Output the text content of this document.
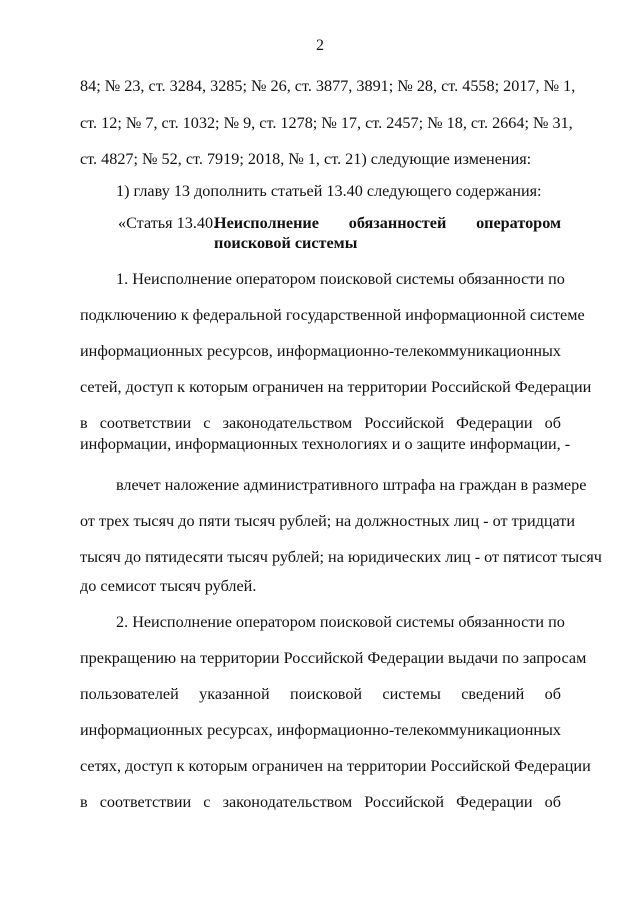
2
84; № 23, ст. 3284, 3285; № 26, ст. 3877, 3891; № 28, ст. 4558; 2017, № 1,
ст. 12; № 7, ст. 1032; № 9, ст. 1278; № 17, ст. 2457; № 18, ст. 2664; № 31,
ст. 4827; № 52, ст. 7919; 2018, № 1, ст. 21) следующие изменения:
1) главу 13 дополнить статьей 13.40 следующего содержания:
«Статья 13.40.
Неисполнение обязанностей оператором
поисковой системы
1. Неисполнение оператором поисковой системы обязанности по
подключению к федеральной государственной информационной системе
информационных ресурсов, информационно-телекоммуникационных
сетей, доступ к которым ограничен на территории Российской Федерации
в соответствии с законодательством Российской Федерации об
информации, информационных технологиях и о защите информации, -
влечет наложение административного штрафа на граждан в размере
от трех тысяч до пяти тысяч рублей; на должностных лиц - от тридцати
тысяч до пятидесяти тысяч рублей; на юридических лиц - от пятисот тысяч
до семисот тысяч рублей.
2. Неисполнение оператором поисковой системы обязанности по
прекращению на территории Российской Федерации выдачи по запросам
пользователей указанной поисковой системы сведений об
информационных ресурсах, информационно-телекоммуникационных
сетях, доступ к которым ограничен на территории Российской Федерации
в соответствии с законодательством Российской Федерации об
